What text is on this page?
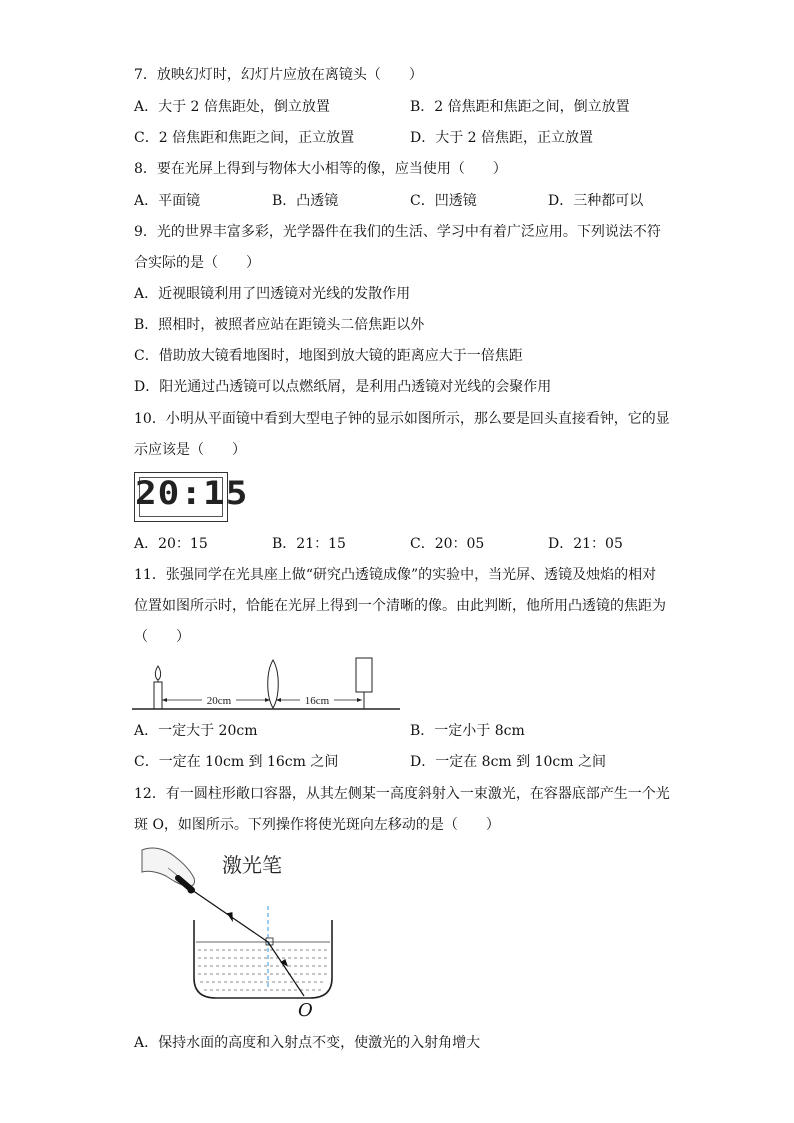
7．放映幻灯时，幻灯片应放在离镜头（　　）
A．大于 2 倍焦距处，倒立放置	B．2 倍焦距和焦距之间，倒立放置
C．2 倍焦距和焦距之间，正立放置	D．大于 2 倍焦距，正立放置
8．要在光屏上得到与物体大小相等的像，应当使用（　　）
A．平面镜	B．凸透镜	C．凹透镜	D．三种都可以
9．光的世界丰富多彩，光学器件在我们的生活、学习中有着广泛应用。下列说法不符
合实际的是（　　）
A．近视眼镜利用了凹透镜对光线的发散作用
B．照相时，被照者应站在距镜头二倍焦距以外
C．借助放大镜看地图时，地图到放大镜的距离应大于一倍焦距
D．阳光通过凸透镜可以点燃纸屑，是利用凸透镜对光线的会聚作用
10．小明从平面镜中看到大型电子钟的显示如图所示，那么要是回头直接看钟，它的显
示应该是（　　）
20:15
A．20：15	B．21：15	C．20：05	D．21：05
11．张强同学在光具座上做“研究凸透镜成像”的实验中，当光屏、透镜及烛焰的相对
位置如图所示时，恰能在光屏上得到一个清晰的像。由此判断，他所用凸透镜的焦距为
（　　）
20cm	16cm
A．一定大于 20cm	B．一定小于 8cm
C．一定在 10cm 到 16cm 之间	D．一定在 8cm 到 10cm 之间
12．有一圆柱形敞口容器，从其左侧某一高度斜射入一束激光，在容器底部产生一个光
斑 O，如图所示。下列操作将使光斑向左移动的是（　　）
激光笔
O
A．保持水面的高度和入射点不变，使激光的入射角增大
